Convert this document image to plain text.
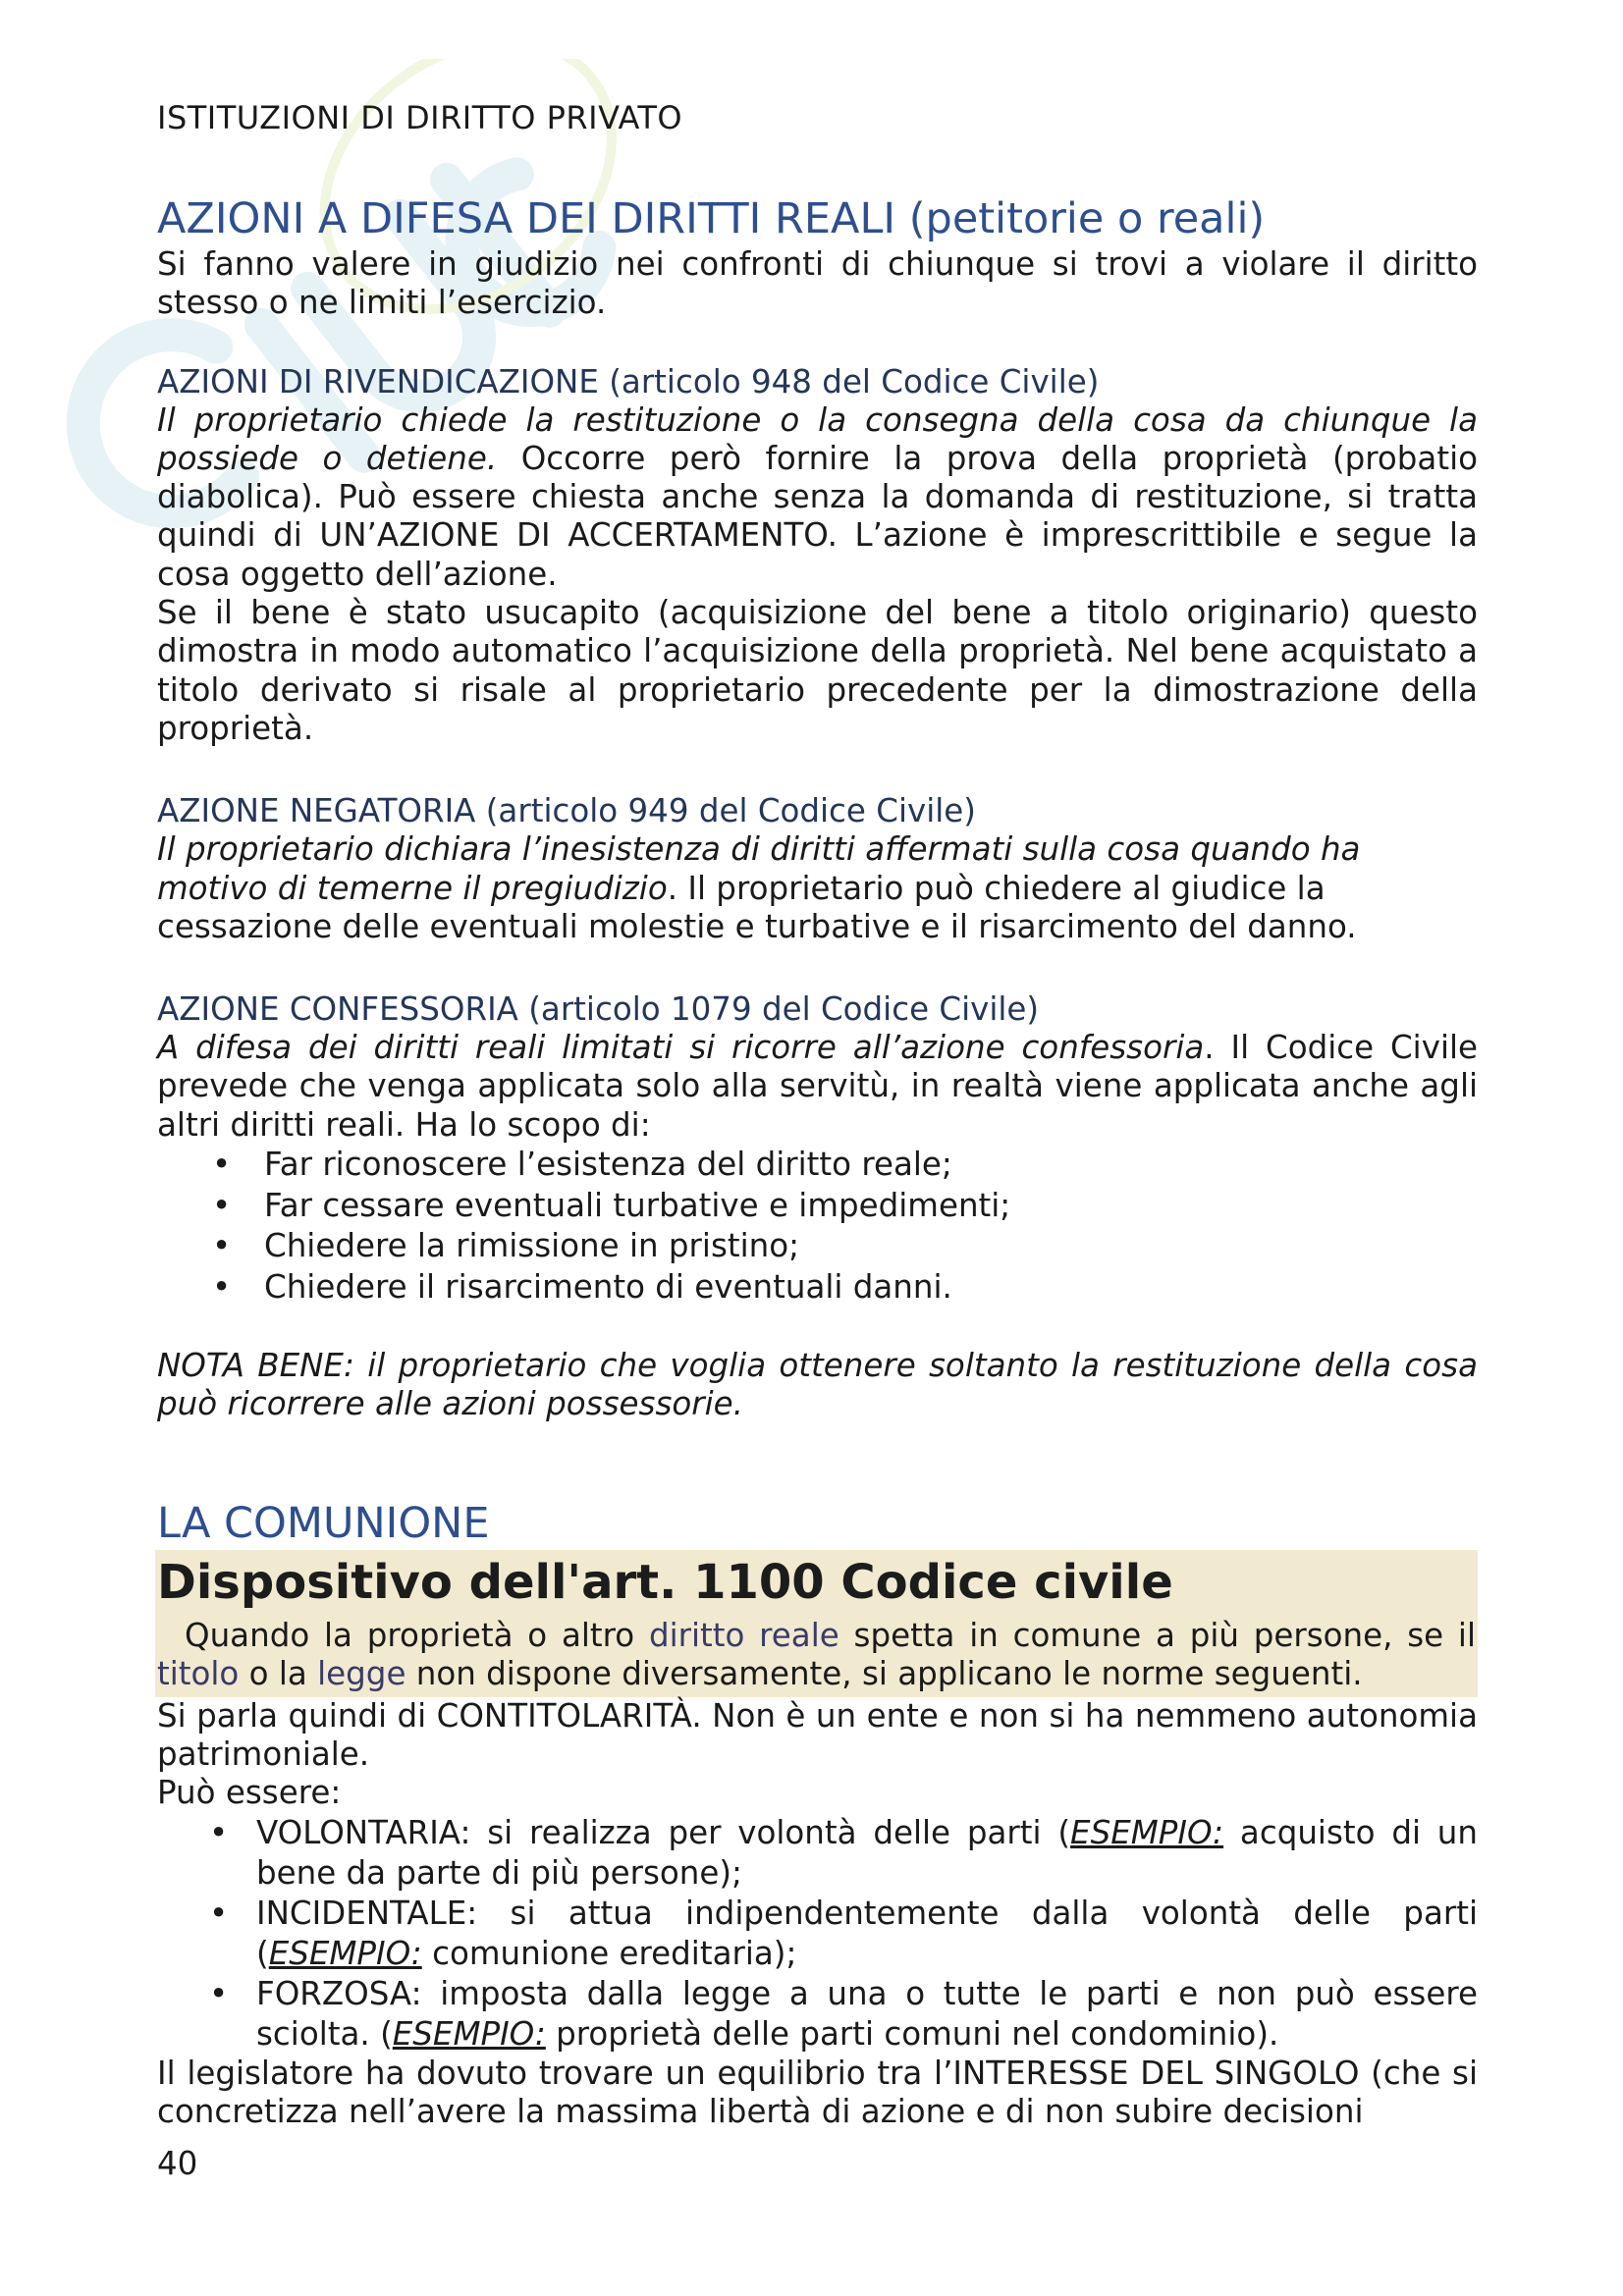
ISTITUZIONI DI DIRITTO PRIVATO
AZIONI A DIFESA DEI DIRITTI REALI (petitorie o reali)

Si fanno valere in giudizio nei confronti di chiunque si trovi a violare il diritto stesso o ne limiti l’esercizio.

AZIONI DI RIVENDICAZIONE (articolo 948 del Codice Civile)

Il proprietario chiede la restituzione o la consegna della cosa da chiunque la possiede o detiene. Occorre però fornire la prova della proprietà (probatio diabolica). Può essere chiesta anche senza la domanda di restituzione, si tratta quindi di UN’AZIONE DI ACCERTAMENTO. L’azione è imprescrittibile e segue la cosa oggetto dell’azione.

Se il bene è stato usucapito (acquisizione del bene a titolo originario) questo dimostra in modo automatico l’acquisizione della proprietà. Nel bene acquistato a titolo derivato si risale al proprietario precedente per la dimostrazione della proprietà.

AZIONE NEGATORIA (articolo 949 del Codice Civile)

Il proprietario dichiara l’inesistenza di diritti affermati sulla cosa quando ha motivo di temerne il pregiudizio. Il proprietario può chiedere al giudice la cessazione delle eventuali molestie e turbative e il risarcimento del danno.

AZIONE CONFESSORIA (articolo 1079 del Codice Civile)

A difesa dei diritti reali limitati si ricorre all’azione confessoria. Il Codice Civile prevede che venga applicata solo alla servitù, in realtà viene applicata anche agli altri diritti reali. Ha lo scopo di:

• Far riconoscere l’esistenza del diritto reale;
• Far cessare eventuali turbative e impedimenti;
• Chiedere la rimissione in pristino;
• Chiedere il risarcimento di eventuali danni.

NOTA BENE: il proprietario che voglia ottenere soltanto la restituzione della cosa può ricorrere alle azioni possessorie.

LA COMUNIONE
Dispositivo dell'art. 1100 Codice civile
Quando la proprietà o altro diritto reale spetta in comune a più persone, se il titolo o la legge non dispone diversamente, si applicano le norme seguenti.

Si parla quindi di CONTITOLARITÀ. Non è un ente e non si ha nemmeno autonomia patrimoniale.

Può essere:

• VOLONTARIA: si realizza per volontà delle parti (ESEMPIO: acquisto di un bene da parte di più persone);
• INCIDENTALE: si attua indipendentemente dalla volontà delle parti (ESEMPIO: comunione ereditaria);
• FORZOSA: imposta dalla legge a una o tutte le parti e non può essere sciolta. (ESEMPIO: proprietà delle parti comuni nel condominio).

Il legislatore ha dovuto trovare un equilibrio tra l’INTERESSE DEL SINGOLO (che si concretizza nell’avere la massima libertà di azione e di non subire decisioni

40
